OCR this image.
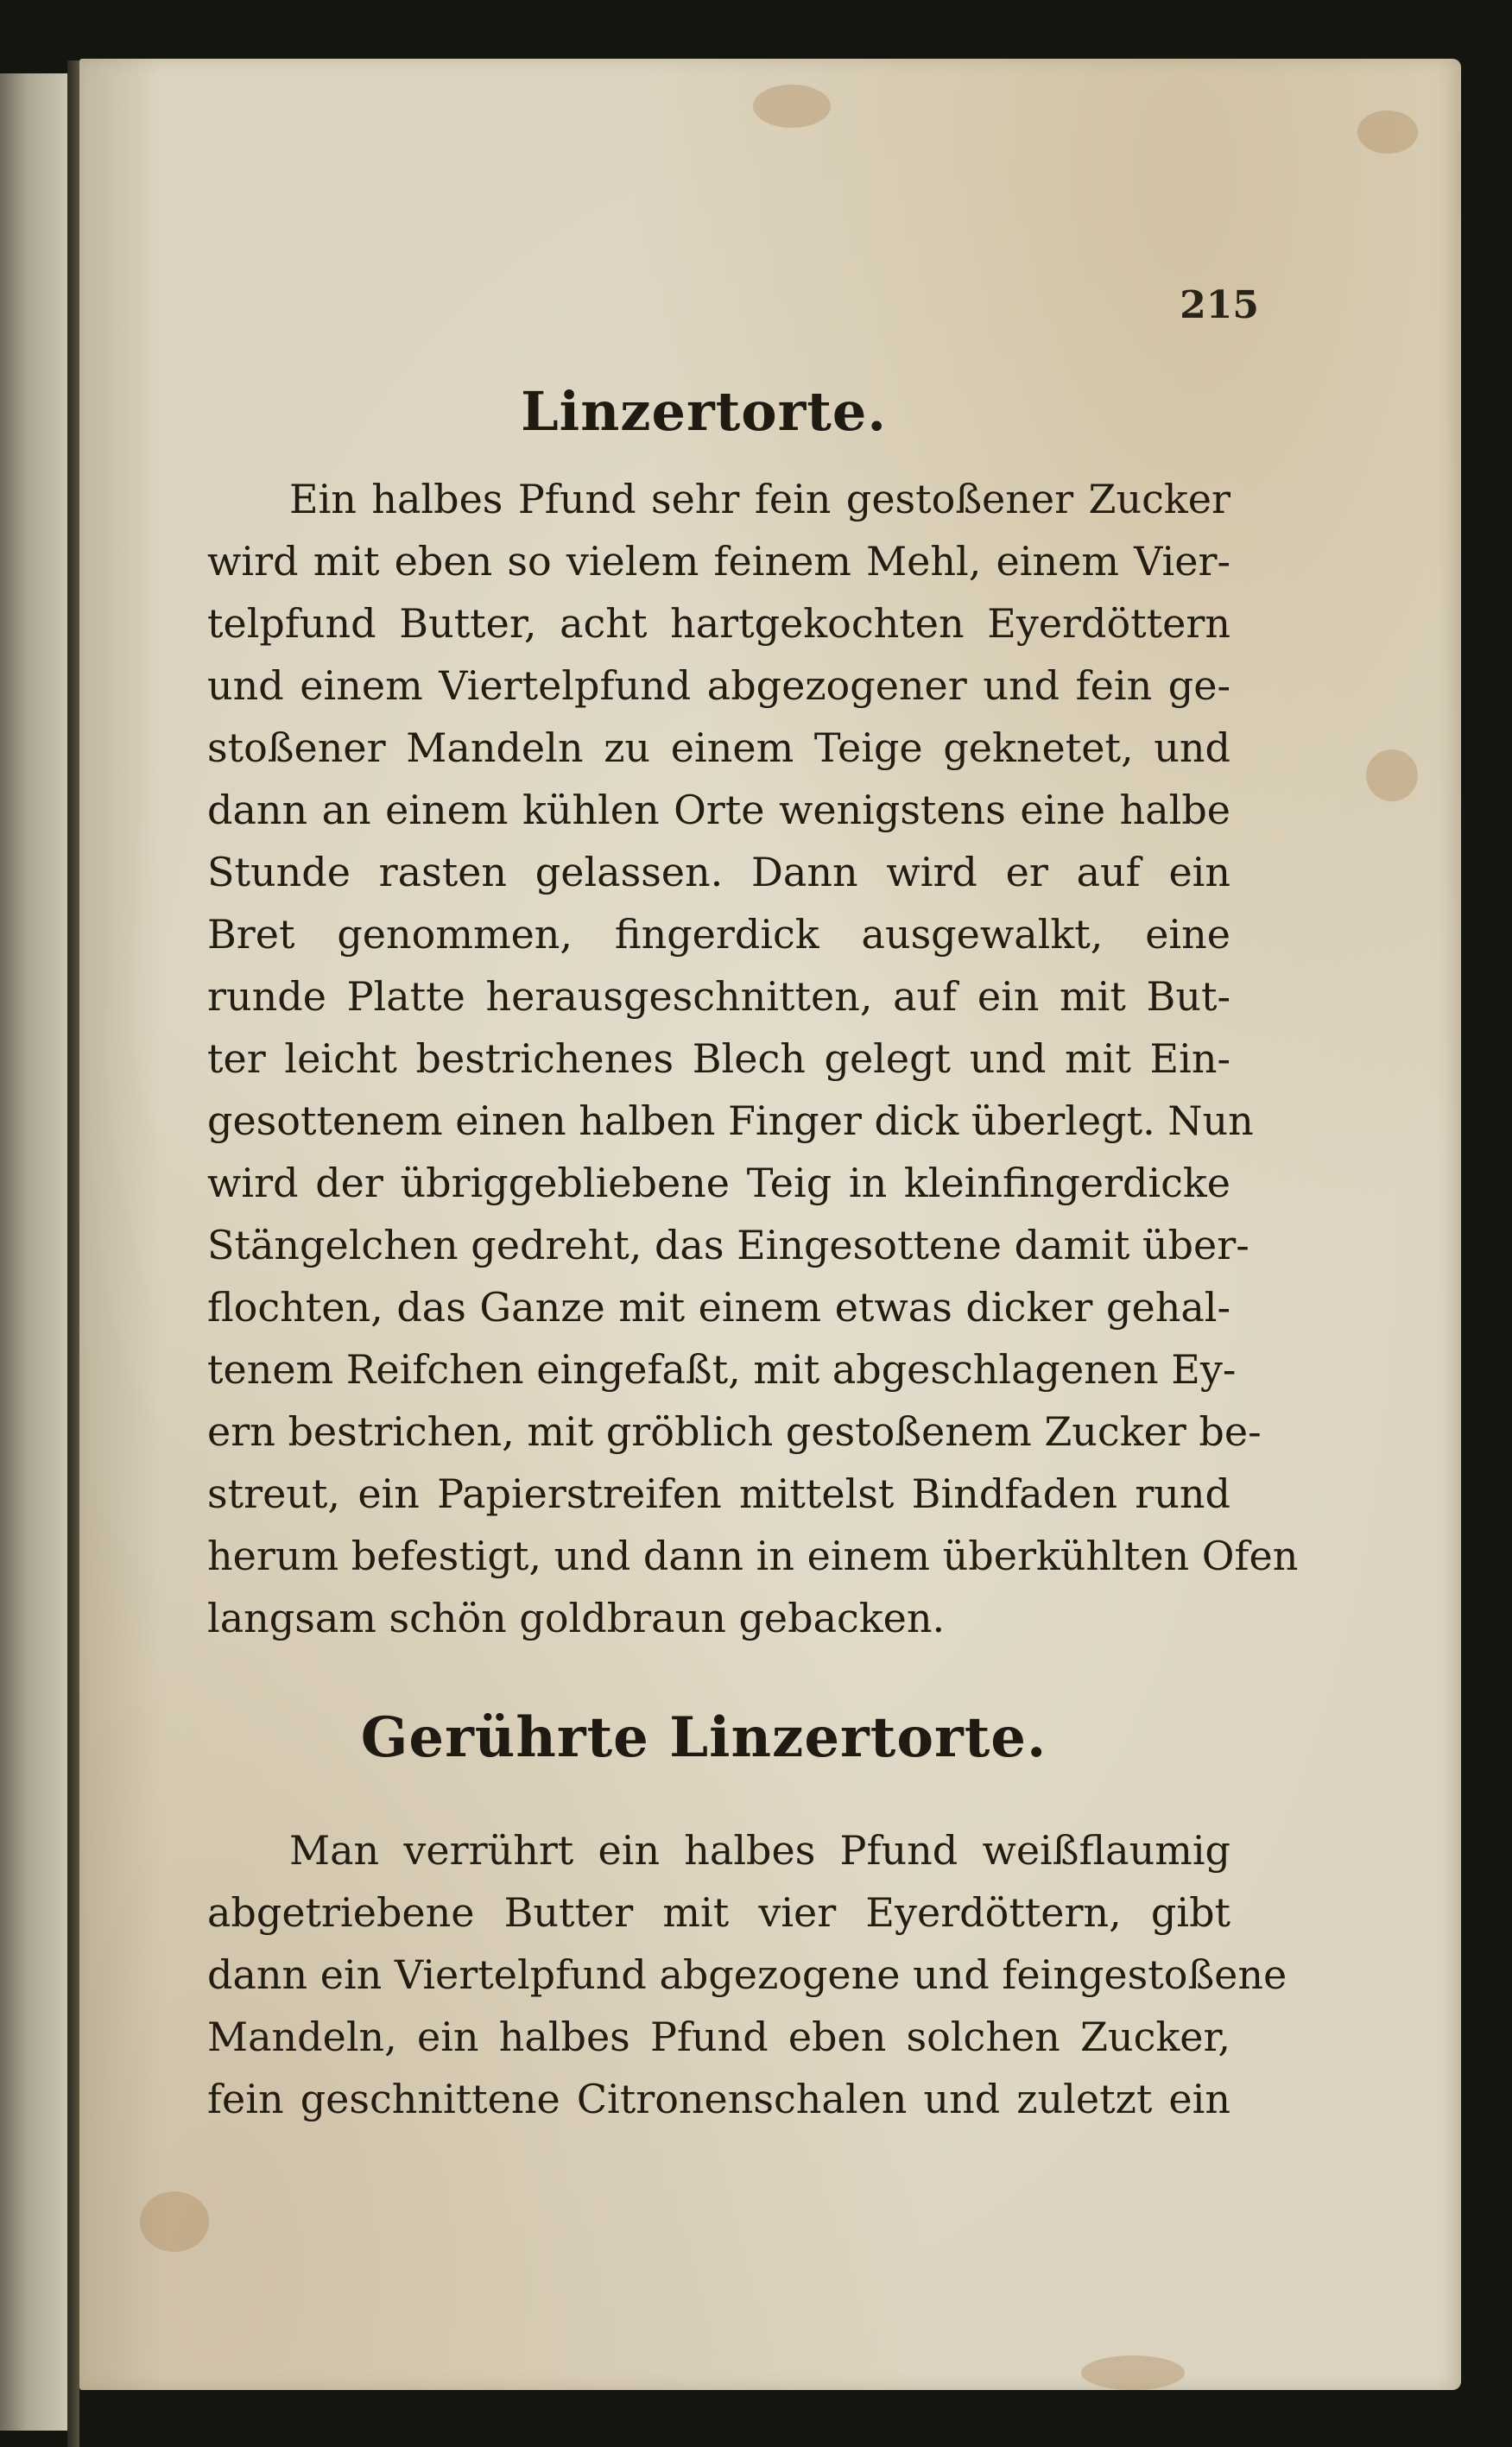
215
Linzertorte.
Ein halbes Pfund sehr fein gestoßener Zucker
wird mit eben so vielem feinem Mehl, einem Vier-
telpfund Butter, acht hartgekochten Eyerdöttern
und einem Viertelpfund abgezogener und fein ge-
stoßener Mandeln zu einem Teige geknetet, und
dann an einem kühlen Orte wenigstens eine halbe
Stunde rasten gelassen. Dann wird er auf ein
Bret genommen, fingerdick ausgewalkt, eine
runde Platte herausgeschnitten, auf ein mit But-
ter leicht bestrichenes Blech gelegt und mit Ein-
gesottenem einen halben Finger dick überlegt. Nun
wird der übriggebliebene Teig in kleinfingerdicke
Stängelchen gedreht, das Eingesottene damit über-
flochten, das Ganze mit einem etwas dicker gehal-
tenem Reifchen eingefaßt, mit abgeschlagenen Ey-
ern bestrichen, mit gröblich gestoßenem Zucker be-
streut, ein Papierstreifen mittelst Bindfaden rund
herum befestigt, und dann in einem überkühlten Ofen
langsam schön goldbraun gebacken.
Gerührte Linzertorte.
Man verrührt ein halbes Pfund weißflaumig
abgetriebene Butter mit vier Eyerdöttern, gibt
dann ein Viertelpfund abgezogene und feingestoßene
Mandeln, ein halbes Pfund eben solchen Zucker,
fein geschnittene Citronenschalen und zuletzt ein
